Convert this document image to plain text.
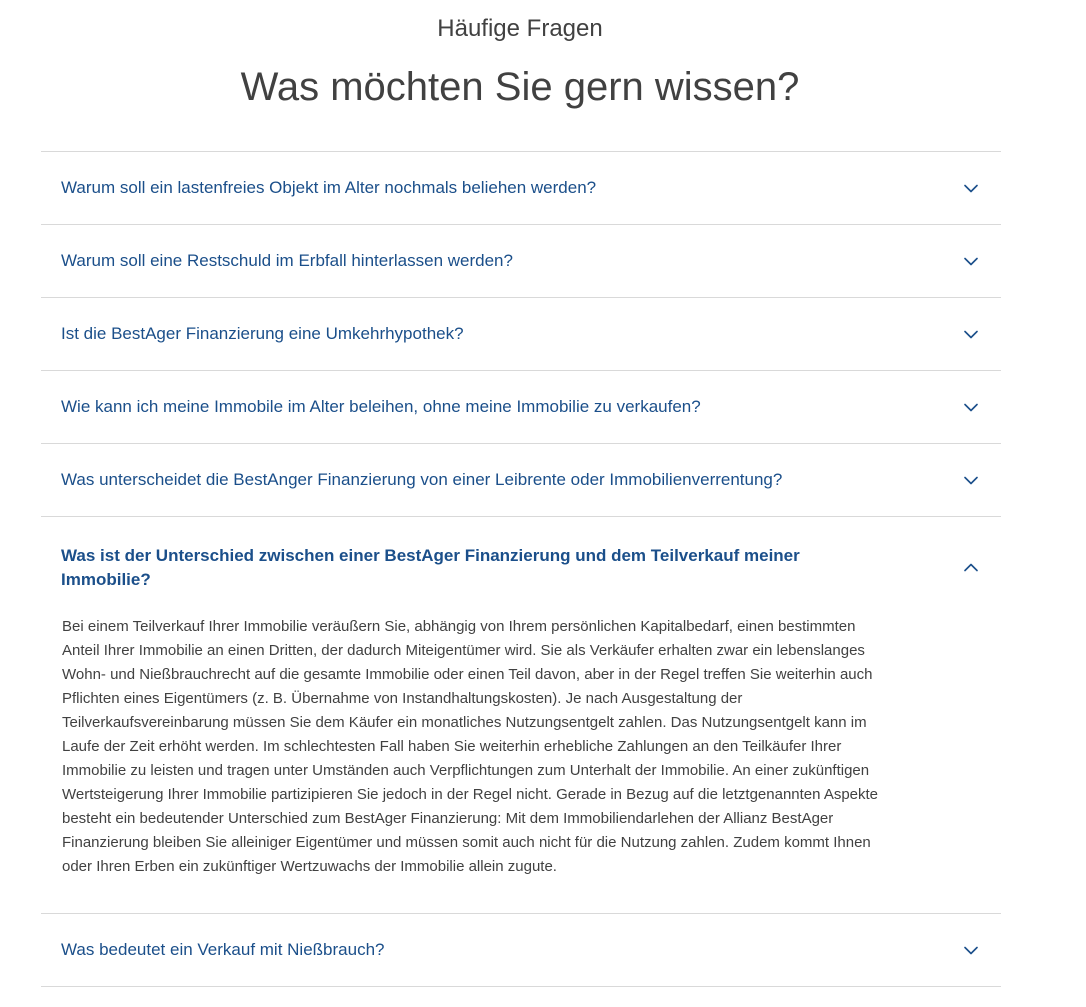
Häufige Fragen
Was möchten Sie gern wissen?
Warum soll ein lastenfreies Objekt im Alter nochmals beliehen werden?
Warum soll eine Restschuld im Erbfall hinterlassen werden?
Ist die BestAger Finanzierung eine Umkehrhypothek?
Wie kann ich meine Immobile im Alter beleihen, ohne meine Immobilie zu verkaufen?
Was unterscheidet die BestAnger Finanzierung von einer Leibrente oder Immobilienverrentung?
Was ist der Unterschied zwischen einer BestAger Finanzierung und dem Teilverkauf meiner Immobilie?
Bei einem Teilverkauf Ihrer Immobilie veräußern Sie, abhängig von Ihrem persönlichen Kapitalbedarf, einen bestimmten Anteil Ihrer Immobilie an einen Dritten, der dadurch Miteigentümer wird. Sie als Verkäufer erhalten zwar ein lebenslanges Wohn- und Nießbrauchrecht auf die gesamte Immobilie oder einen Teil davon, aber in der Regel treffen Sie weiterhin auch Pflichten eines Eigentümers (z. B. Übernahme von Instandhaltungskosten). Je nach Ausgestaltung der Teilverkaufsvereinbarung müssen Sie dem Käufer ein monatliches Nutzungsentgelt zahlen. Das Nutzungsentgelt kann im Laufe der Zeit erhöht werden. Im schlechtesten Fall haben Sie weiterhin erhebliche Zahlungen an den Teilkäufer Ihrer Immobilie zu leisten und tragen unter Umständen auch Verpflichtungen zum Unterhalt der Immobilie. An einer zukünftigen Wertsteigerung Ihrer Immobilie partizipieren Sie jedoch in der Regel nicht. Gerade in Bezug auf die letztgenannten Aspekte besteht ein bedeutender Unterschied zum BestAger Finanzierung: Mit dem Immobiliendarlehen der Allianz BestAger Finanzierung bleiben Sie alleiniger Eigentümer und müssen somit auch nicht für die Nutzung zahlen. Zudem kommt Ihnen oder Ihren Erben ein zukünftiger Wertzuwachs der Immobilie allein zugute.
Was bedeutet ein Verkauf mit Nießbrauch?
